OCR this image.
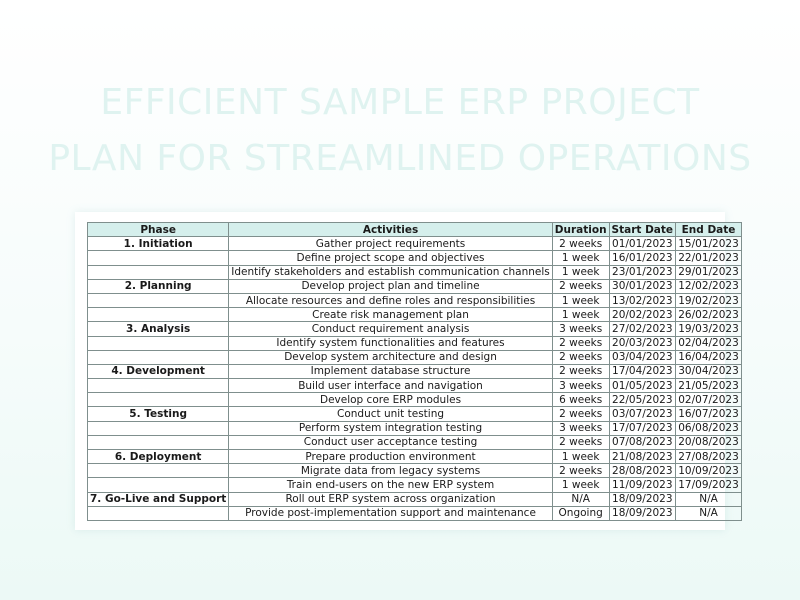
EFFICIENT SAMPLE ERP PROJECT
PLAN FOR STREAMLINED OPERATIONS
Phase	Activities	Duration	Start Date	End Date
1. Initiation	Gather project requirements	2 weeks	01/01/2023	15/01/2023
	Define project scope and objectives	1 week	16/01/2023	22/01/2023
	Identify stakeholders and establish communication channels	1 week	23/01/2023	29/01/2023
2. Planning	Develop project plan and timeline	2 weeks	30/01/2023	12/02/2023
	Allocate resources and define roles and responsibilities	1 week	13/02/2023	19/02/2023
	Create risk management plan	1 week	20/02/2023	26/02/2023
3. Analysis	Conduct requirement analysis	3 weeks	27/02/2023	19/03/2023
	Identify system functionalities and features	2 weeks	20/03/2023	02/04/2023
	Develop system architecture and design	2 weeks	03/04/2023	16/04/2023
4. Development	Implement database structure	2 weeks	17/04/2023	30/04/2023
	Build user interface and navigation	3 weeks	01/05/2023	21/05/2023
	Develop core ERP modules	6 weeks	22/05/2023	02/07/2023
5. Testing	Conduct unit testing	2 weeks	03/07/2023	16/07/2023
	Perform system integration testing	3 weeks	17/07/2023	06/08/2023
	Conduct user acceptance testing	2 weeks	07/08/2023	20/08/2023
6. Deployment	Prepare production environment	1 week	21/08/2023	27/08/2023
	Migrate data from legacy systems	2 weeks	28/08/2023	10/09/2023
	Train end-users on the new ERP system	1 week	11/09/2023	17/09/2023
7. Go-Live and Support	Roll out ERP system across organization	N/A	18/09/2023	N/A
	Provide post-implementation support and maintenance	Ongoing	18/09/2023	N/A
